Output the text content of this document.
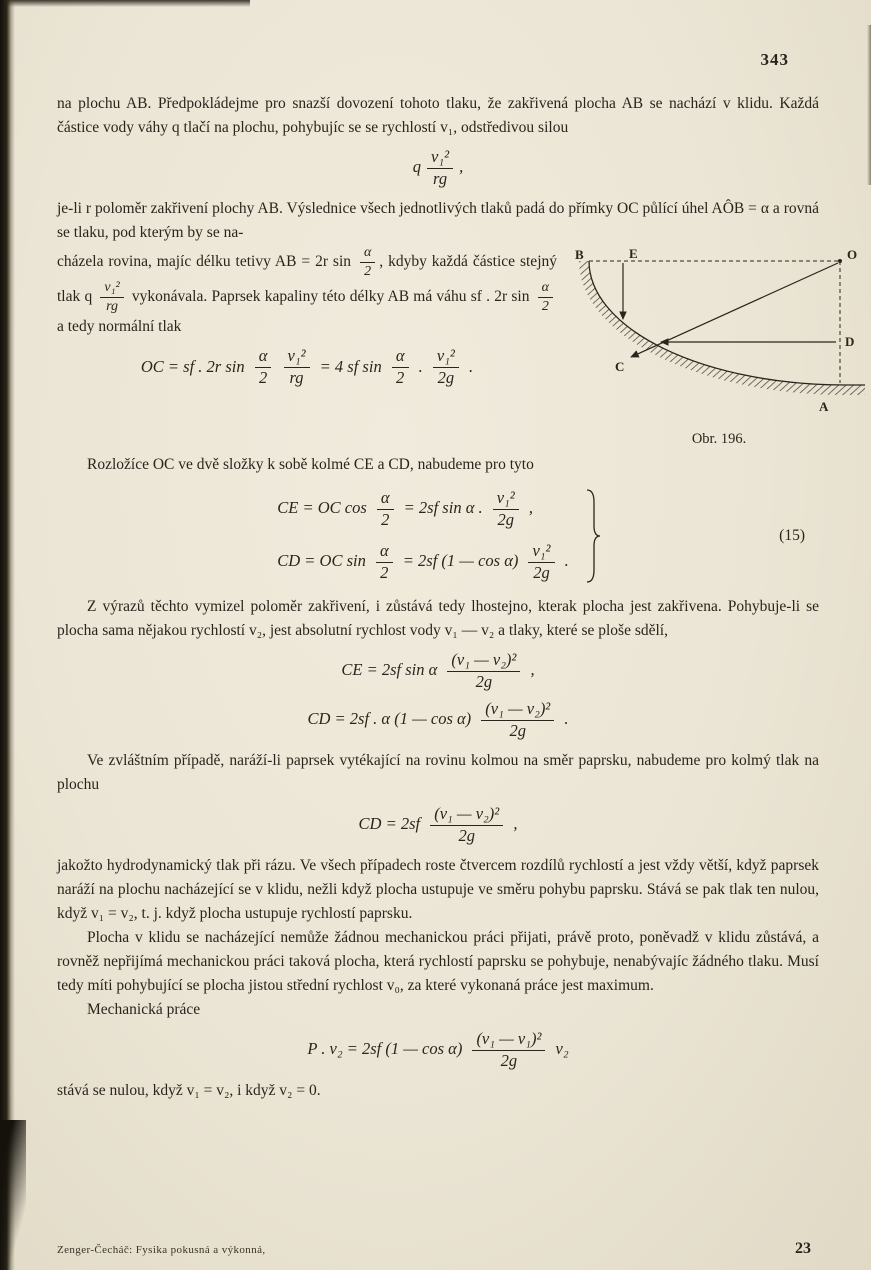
343

na plochu AB. Předpokládejme pro snazší dovození tohoto tlaku, že zakřivená plocha AB se nachází v klidu. Každá částice vody váhy q tlačí na plochu, pohybujíc se se rychlostí v₁, odstředivou silou

q $\frac{\text{v₁²}}{rg}$ ,

je-li r poloměr zakřivení plochy AB. Výslednice všech jednotlivých tlaků padá do přímky OC půlící úhel AÔB = α a rovná se tlaku, pod kterým by se na-

B	E	O
C
D
A
Obr. 196.

cházela rovina, majíc délku tetivy AB = 2r $\sin \frac{\alpha}{2}$ , kdyby každá částice stejný tlak q $\frac{\text{v₁²}}{rg}$ vykonávala. Paprsek kapaliny této délky AB má váhu sf . 2r $\sin \frac{\alpha}{2}$
a tedy normální tlak

OC = sf . 2r $\sin \frac{\alpha}{2}$
$\frac{\text{v₁²}}{rg} = 4$ sf $\sin \frac{\alpha}{2}$ . $\frac{\text{v₁²}}{2g}$ .

Rozložíce OC ve dvě složky k sobě kolmé CE a CD, nabudeme pro tyto

CE = OC $\cos \frac{\alpha}{2} = 2sf$ sin α . $\frac{\text{v₁²}}{2g}$ ,
CD = OC $\sin \frac{\alpha}{2} = 2sf$ (1 — $\cos \alpha) \frac{\text{v₁²}}{2g}$ .
(15)

Z výrazů těchto vymizel poloměr zakřivení, i zůstává tedy lhostejno, kterak plocha jest zakřivena. Pohybuje-li se plocha sama nějakou rychlostí v₂, jest absolutní rychlost vody v₁ — v₂ a tlaky, které se ploše sdělí,

CE = 2sf sin α $\frac{\text{(v₁ — v₂)²}}{2g}$ ,
CD = 2sf . α (1 — $\cos \alpha) \frac{\text{(v₁ — v₂)²}}{2g}$ .

Ve zvláštním případě, naráží-li paprsek vytékající na rovinu kolmou na směr paprsku, nabudeme pro kolmý tlak na plochu

CD = $2sf \frac{\text{(v₁ — v₂)²}}{2g}$ ,

jakožto hydrodynamický tlak při rázu. Ve všech případech roste čtvercem rozdílů rychlostí a jest vždy větší, když paprsek naráží na plochu nacházející se v klidu, nežli když plocha ustupuje ve směru pohybu paprsku. Stává se pak tlak ten nulou, když v₁ = v₂, t. j. když plocha ustupuje rychlostí paprsku.

Plocha v klidu se nacházející nemůže žádnou mechanickou práci přijati, právě proto, poněvadž v klidu zůstává, a rovněž nepřijímá mechanickou práci taková plocha, která rychlostí paprsku se pohybuje, nenabývajíc žádného tlaku. Musí tedy míti pohybující se plocha jistou střední rychlost v₀, za které vykonaná práce jest maximum.

Mechanická práce

P . v₂ = 2sf (1 — $\cos \alpha) \frac{\text{(v₁ — v₁)²}}{2g} v_2$

stává se nulou, když v₁ = v₂, i když v₂ = 0.

Zenger-Čecháč: Fysika pokusná a výkonná,	23
